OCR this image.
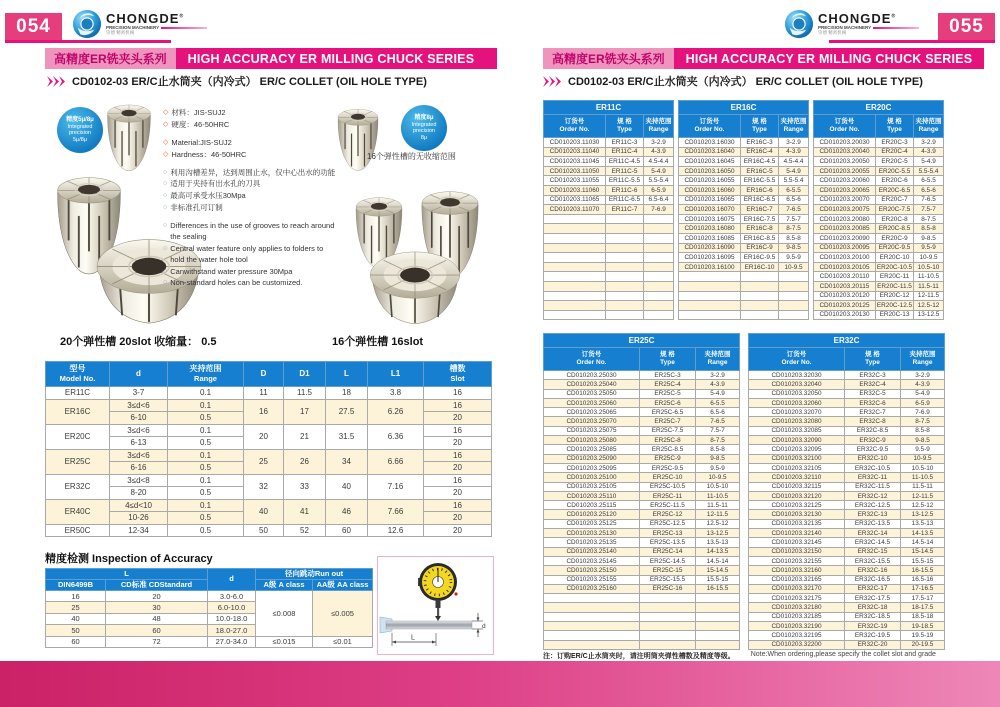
054	CHONGDE®
PRECISION MACHINERY
崇德 精密机械
高精度ER铣夹头系列	HIGH ACCURACY ER MILLING CHUCK SERIES
CD0102-03 ER/C止水筒夹（内冷式） ER/C COLLET (OIL HOLE TYPE)
精度5μ/8μ
Integrated
precision
5μ/8μ
精度8μ
Integrated
precision
8μ
16个弹性槽的无收缩范围
◇ 材料：JIS-SUJ2
◇ 硬度：46-50HRC
◇ Material:JIS-SUJ2
◇ Hardness：46-50HRC
○ 利用沟槽差异，达到周围止水，仅中心出水的功能
○ 适用于夹持有出水孔的刀具
○ 最高可承受水压30Mpa
○ 非标准孔可订制
○ Differences in the use of grooves to reach around the sealing
○ Central water feature only applies to folders to hold the water hole tool
○ Canwithstand water pressure 30Mpa
○ Non-standard holes can be customized.
20个弹性槽 20slot 收缩量： 0.5	16个弹性槽 16slot
型号
Model No.

d

夹持范围
Range

D	D1	L	L1

槽数
Slot

ER11C	3-7	0.1	11	11.5	18	3.8	16
ER16C	3≤d<6	0.1	16	17	27.5	6.26	16
	6-10	0.5					20
ER20C	3≤d<6	0.1	20	21	31.5	6.36	16
	6-13	0.5					20
ER25C	3≤d<6	0.1	25	26	34	6.66	16
	6-16	0.5					20
ER32C	3≤d<8	0.1	32	33	40	7.16	16
	8-20	0.5					20
ER40C	4≤d<10	0.1	40	41	46	7.66	16
	10-26	0.5					20
ER50C	12-34	0.5	50	52	60	12.6	20
精度检测 Inspection of Accuracy
L		d	径向跳动Run out	
DIN6499B	CD标准 CDStandard		A级 A class	AA级 AA class
16	20	3.0-6.0	≤0.008	≤0.005
25	30	6.0-10.0		
40	48	10.0-18.0		
50	60	18.0-27.0		
60	72	27.0-34.0	≤0.015	≤0.01
d
L
055
CHONGDE®
PRECISION MACHINERY
崇德 精密机械
高精度ER铣夹头系列	HIGH ACCURACY ER MILLING CHUCK SERIES
CD0102-03 ER/C止水筒夹（内冷式） ER/C COLLET (OIL HOLE TYPE)
ER11C		

订货号
Order No.

规 格
Type

夹持范围
Range

CD010203.11030	ER11C-3	3-2.9
CD010203.11040	ER11C-4	4-3.9
CD010203.11045	ER11C-4.5	4.5-4.4
CD010203.11050	ER11C-5	5-4.9
CD010203.11055	ER11C-5.5	5.5-5.4
CD010203.11060	ER11C-6	6-5.9
CD010203.11065	ER11C-6.5	6.5-6.4
CD010203.11070	ER11C-7	7-6.9

ER16C		

订货号
Order No.

规 格
Type

夹持范围
Range

CD010203.16030	ER16C-3	3-2.9
CD010203.16040	ER16C-4	4-3.9
CD010203.16045	ER16C-4.5	4.5-4.4
CD010203.16050	ER16C-5	5-4.9
CD010203.16055	ER16C-5.5	5.5-5.4
CD010203.16060	ER16C-6	6-5.5
CD010203.16065	ER16C-6.5	6.5-6
CD010203.16070	ER16C-7	7-6.5
CD010203.16075	ER16C-7.5	7.5-7
CD010203.16080	ER16C-8	8-7.5
CD010203.16085	ER16C-8.5	8.5-8
CD010203.16090	ER16C-9	9-8.5
CD010203.16095	ER16C-9.5	9.5-9
CD010203.16100	ER16C-10	10-9.5

ER20C		

订货号
Order No.

规 格
Type

夹持范围
Range

CD010203.20030	ER20C-3	3-2.9
CD010203.20040	ER20C-4	4-3.9
CD010203.20050	ER20C-5	5-4.9
CD010203.20055	ER20C-5.5	5.5-5.4
CD010203.20060	ER20C-6	6-5.5
CD010203.20065	ER20C-6.5	6.5-6
CD010203.20070	ER20C-7	7-6.5
CD010203.20075	ER20C-7.5	7.5-7
CD010203.20080	ER20C-8	8-7.5
CD010203.20085	ER20C-8.5	8.5-8
CD010203.20090	ER20C-9	9-8.5
CD010203.20095	ER20C-9.5	9.5-9
CD010203.20100	ER20C-10	10-9.5
CD010203.20105	ER20C-10.5	10.5-10
CD010203.20110	ER20C-11	11-10.5
CD010203.20115	ER20C-11.5	11.5-11
CD010203.20120	ER20C-12	12-11.5
CD010203.20125	ER20C-12.5	12.5-12
CD010203.20130	ER20C-13	13-12.5
ER25C		

订货号
Order No.

规 格
Type

夹持范围
Range

CD010203.25030	ER25C-3	3-2.9
CD010203.25040	ER25C-4	4-3.9
CD010203.25050	ER25C-5	5-4.9
CD010203.25060	ER25C-6	6-5.5
CD010203.25065	ER25C-6.5	6.5-6
CD010203.25070	ER25C-7	7-6.5
CD010203.25075	ER25C-7.5	7.5-7
CD010203.25080	ER25C-8	8-7.5
CD010203.25085	ER25C-8.5	8.5-8
CD010203.25090	ER25C-9	9-8.5
CD010203.25095	ER25C-9.5	9.5-9
CD010203.25100	ER25C-10	10-9.5
CD010203.25105	ER25C-10.5	10.5-10
CD010203.25110	ER25C-11	11-10.5
CD010203.25115	ER25C-11.5	11.5-11
CD010203.25120	ER25C-12	12-11.5
CD010203.25125	ER25C-12.5	12.5-12
CD010203.25130	ER25C-13	13-12.5
CD010203.25135	ER25C-13.5	13.5-13
CD010203.25140	ER25C-14	14-13.5
CD010203.25145	ER25C-14.5	14.5-14
CD010203.25150	ER25C-15	15-14.5
CD010203.25155	ER25C-15.5	15.5-15
CD010203.25160	ER25C-16	16-15.5

ER32C		

订货号
Order No.

规 格
Type

夹持范围
Range

CD010203.32030	ER32C-3	3-2.9
CD010203.32040	ER32C-4	4-3.9
CD010203.32050	ER32C-5	5-4.9
CD010203.32060	ER32C-6	6-5.9
CD010203.32070	ER32C-7	7-6.9
CD010203.32080	ER32C-8	8-7.5
CD010203.32085	ER32C-8.5	8.5-8
CD010203.32090	ER32C-9	9-8.5
CD010203.32095	ER32C-9.5	9.5-9
CD010203.32100	ER32C-10	10-9.5
CD010203.32105	ER32C-10.5	10.5-10
CD010203.32110	ER32C-11	11-10.5
CD010203.32115	ER32C-11.5	11.5-11
CD010203.32120	ER32C-12	12-11.5
CD010203.32125	ER32C-12.5	12.5-12
CD010203.32130	ER32C-13	13-12.5
CD010203.32135	ER32C-13.5	13.5-13
CD010203.32140	ER32C-14	14-13.5
CD010203.32145	ER32C-14.5	14.5-14
CD010203.32150	ER32C-15	15-14.5
CD010203.32155	ER32C-15.5	15.5-15
CD010203.32160	ER32C-16	16-15.5
CD010203.32165	ER32C-16.5	16.5-16
CD010203.32170	ER32C-17	17-16.5
CD010203.32175	ER32C-17.5	17.5-17
CD010203.32180	ER32C-18	18-17.5
CD010203.32185	ER32C-18.5	18.5-18
CD010203.32190	ER32C-19	19-18.5
CD010203.32195	ER32C-19.5	19.5-19
CD010203.32200	ER32C-20	20-19.5
注：订购ER/C止水筒夹时，请注明筒夹弹性槽数及精度等级。 Note:When ordering,please specify the collet slot and grade
